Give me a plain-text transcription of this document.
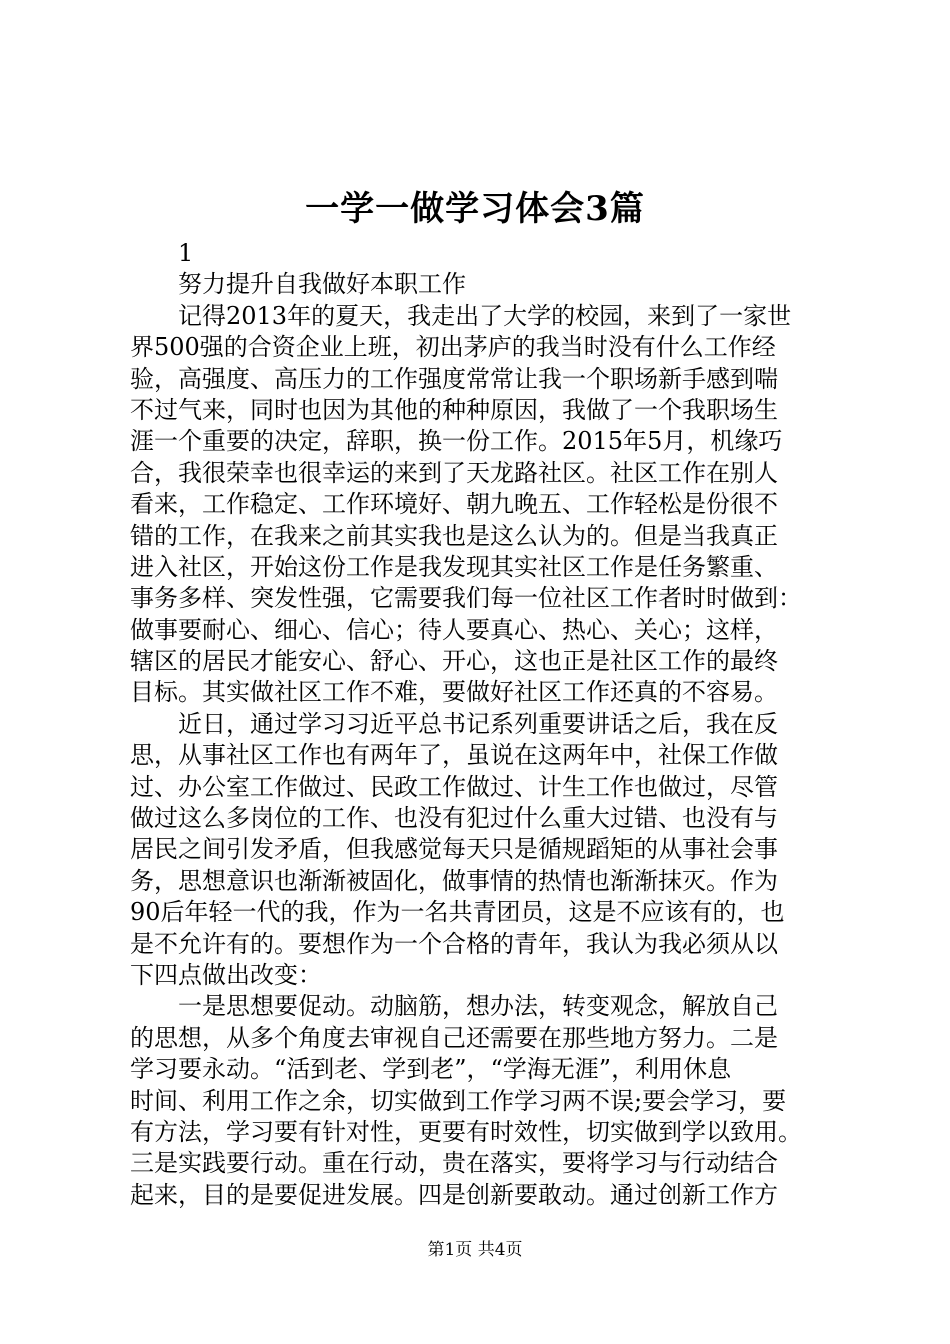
一学一做学习体会3篇
1
努力提升自我做好本职工作
记得2013年的夏天，我走出了大学的校园，来到了一家世
界500强的合资企业上班，初出茅庐的我当时没有什么工作经
验，高强度、高压力的工作强度常常让我一个职场新手感到喘
不过气来，同时也因为其他的种种原因，我做了一个我职场生
涯一个重要的决定，辞职，换一份工作。2015年5月，机缘巧
合，我很荣幸也很幸运的来到了天龙路社区。社区工作在别人
看来，工作稳定、工作环境好、朝九晚五、工作轻松是份很不
错的工作，在我来之前其实我也是这么认为的。但是当我真正
进入社区，开始这份工作是我发现其实社区工作是任务繁重、
事务多样、突发性强，它需要我们每一位社区工作者时时做到：
做事要耐心、细心、信心；待人要真心、热心、关心；这样，
辖区的居民才能安心、舒心、开心，这也正是社区工作的最终
目标。其实做社区工作不难，要做好社区工作还真的不容易。
近日，通过学习习近平总书记系列重要讲话之后，我在反
思，从事社区工作也有两年了，虽说在这两年中，社保工作做
过、办公室工作做过、民政工作做过、计生工作也做过，尽管
做过这么多岗位的工作、也没有犯过什么重大过错、也没有与
居民之间引发矛盾，但我感觉每天只是循规蹈矩的从事社会事
务，思想意识也渐渐被固化，做事情的热情也渐渐抹灭。作为
90后年轻一代的我，作为一名共青团员，这是不应该有的，也
是不允许有的。要想作为一个合格的青年，我认为我必须从以
下四点做出改变：
一是思想要促动。动脑筋，想办法，转变观念，解放自己
的思想，从多个角度去审视自己还需要在那些地方努力。二是
学习要永动。“活到老、学到老”，“学海无涯”，利用休息
时间、利用工作之余，切实做到工作学习两不误;要会学习，要
有方法，学习要有针对性，更要有时效性，切实做到学以致用。
三是实践要行动。重在行动，贵在落实，要将学习与行动结合
起来，目的是要促进发展。四是创新要敢动。通过创新工作方
第1页 共4页
